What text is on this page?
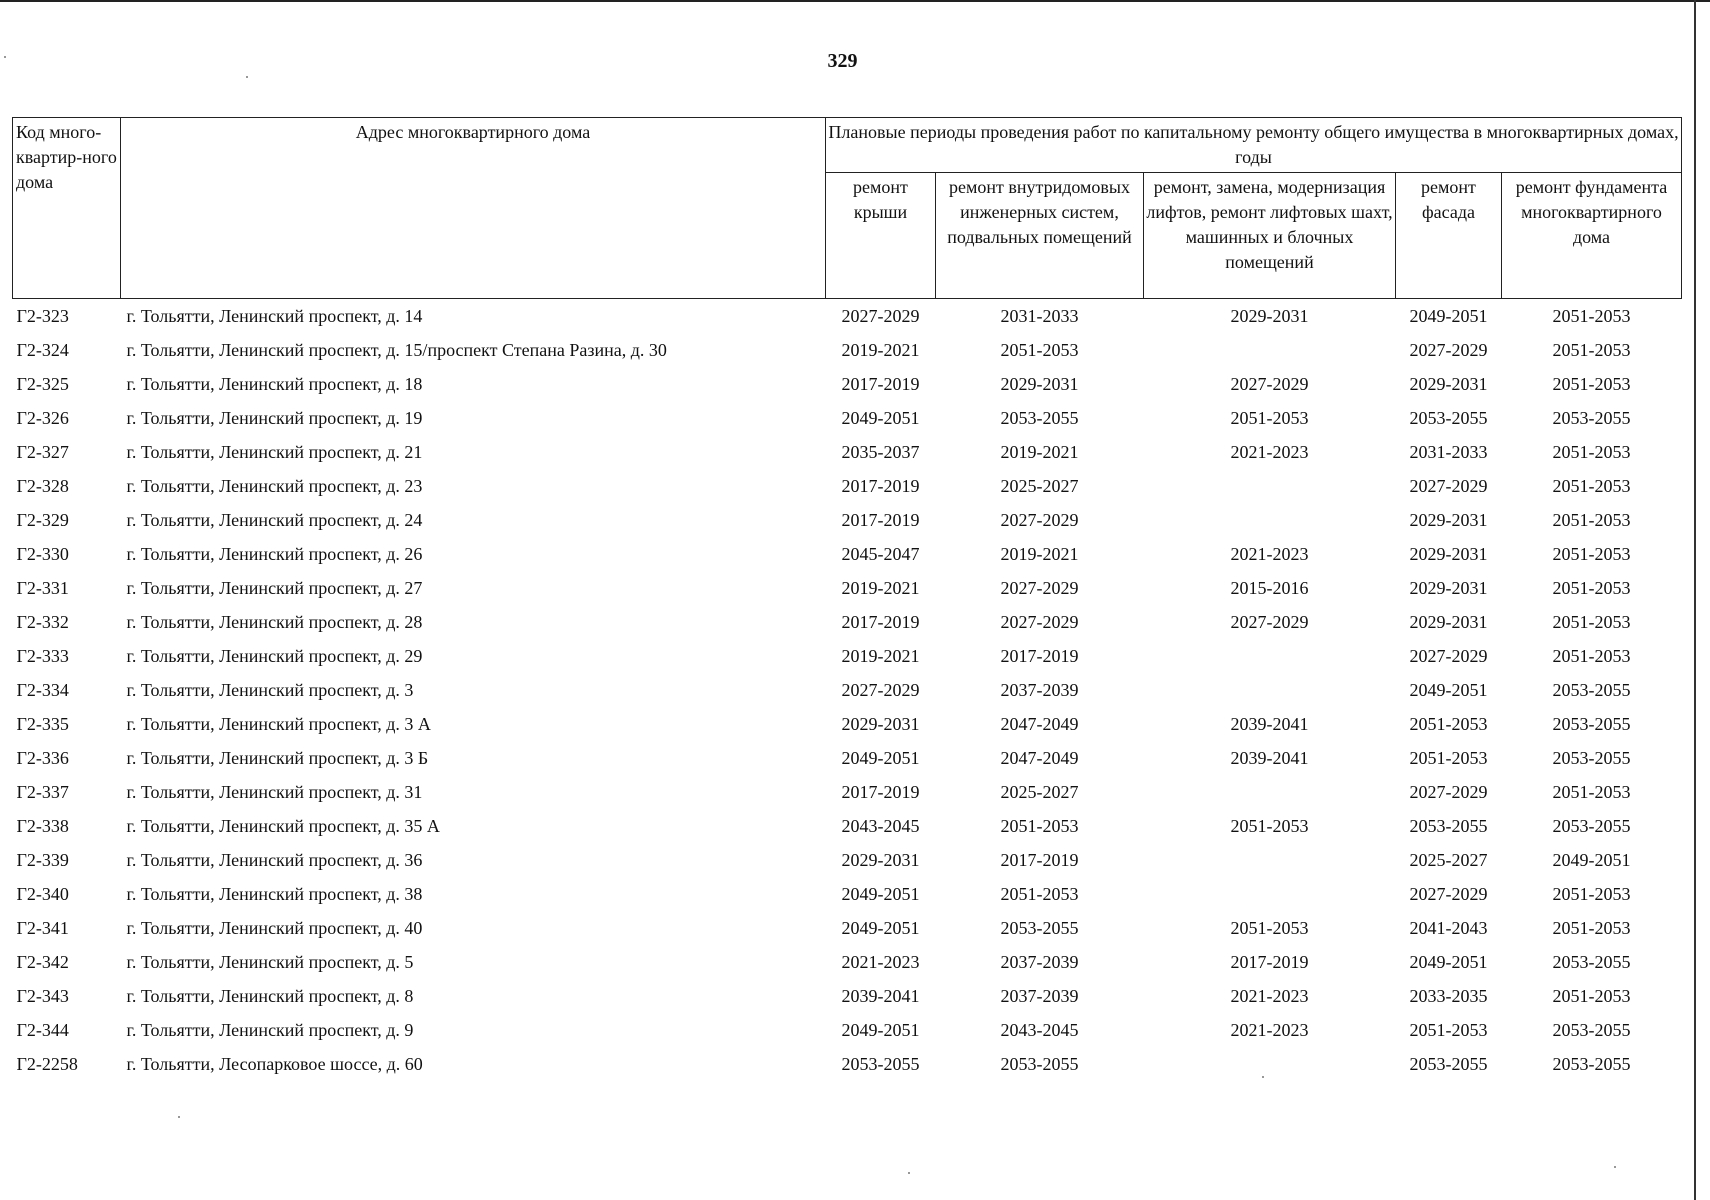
329
Код много-квартир-ного дома	Адрес многоквартирного дома	Плановые периоды проведения работ по капитальному ремонту общего имущества в многоквартирных домах, годы				
		ремонт крыши	ремонт внутридомовых инженерных систем, подвальных помещений	ремонт, замена, модернизация лифтов, ремонт лифтовых шахт, машинных и блочных помещений	ремонт фасада	ремонт фундамента многоквартирного дома
Г2-323	г. Тольятти, Ленинский проспект, д. 14	2027-2029	2031-2033	2029-2031	2049-2051	2051-2053
Г2-324	г. Тольятти, Ленинский проспект, д. 15/проспект Степана Разина, д. 30	2019-2021	2051-2053		2027-2029	2051-2053
Г2-325	г. Тольятти, Ленинский проспект, д. 18	2017-2019	2029-2031	2027-2029	2029-2031	2051-2053
Г2-326	г. Тольятти, Ленинский проспект, д. 19	2049-2051	2053-2055	2051-2053	2053-2055	2053-2055
Г2-327	г. Тольятти, Ленинский проспект, д. 21	2035-2037	2019-2021	2021-2023	2031-2033	2051-2053
Г2-328	г. Тольятти, Ленинский проспект, д. 23	2017-2019	2025-2027		2027-2029	2051-2053
Г2-329	г. Тольятти, Ленинский проспект, д. 24	2017-2019	2027-2029		2029-2031	2051-2053
Г2-330	г. Тольятти, Ленинский проспект, д. 26	2045-2047	2019-2021	2021-2023	2029-2031	2051-2053
Г2-331	г. Тольятти, Ленинский проспект, д. 27	2019-2021	2027-2029	2015-2016	2029-2031	2051-2053
Г2-332	г. Тольятти, Ленинский проспект, д. 28	2017-2019	2027-2029	2027-2029	2029-2031	2051-2053
Г2-333	г. Тольятти, Ленинский проспект, д. 29	2019-2021	2017-2019		2027-2029	2051-2053
Г2-334	г. Тольятти, Ленинский проспект, д. 3	2027-2029	2037-2039		2049-2051	2053-2055
Г2-335	г. Тольятти, Ленинский проспект, д. 3 А	2029-2031	2047-2049	2039-2041	2051-2053	2053-2055
Г2-336	г. Тольятти, Ленинский проспект, д. 3 Б	2049-2051	2047-2049	2039-2041	2051-2053	2053-2055
Г2-337	г. Тольятти, Ленинский проспект, д. 31	2017-2019	2025-2027		2027-2029	2051-2053
Г2-338	г. Тольятти, Ленинский проспект, д. 35 А	2043-2045	2051-2053	2051-2053	2053-2055	2053-2055
Г2-339	г. Тольятти, Ленинский проспект, д. 36	2029-2031	2017-2019		2025-2027	2049-2051
Г2-340	г. Тольятти, Ленинский проспект, д. 38	2049-2051	2051-2053		2027-2029	2051-2053
Г2-341	г. Тольятти, Ленинский проспект, д. 40	2049-2051	2053-2055	2051-2053	2041-2043	2051-2053
Г2-342	г. Тольятти, Ленинский проспект, д. 5	2021-2023	2037-2039	2017-2019	2049-2051	2053-2055
Г2-343	г. Тольятти, Ленинский проспект, д. 8	2039-2041	2037-2039	2021-2023	2033-2035	2051-2053
Г2-344	г. Тольятти, Ленинский проспект, д. 9	2049-2051	2043-2045	2021-2023	2051-2053	2053-2055
Г2-2258	г. Тольятти, Лесопарковое шоссе, д. 60	2053-2055	2053-2055		2053-2055	2053-2055
